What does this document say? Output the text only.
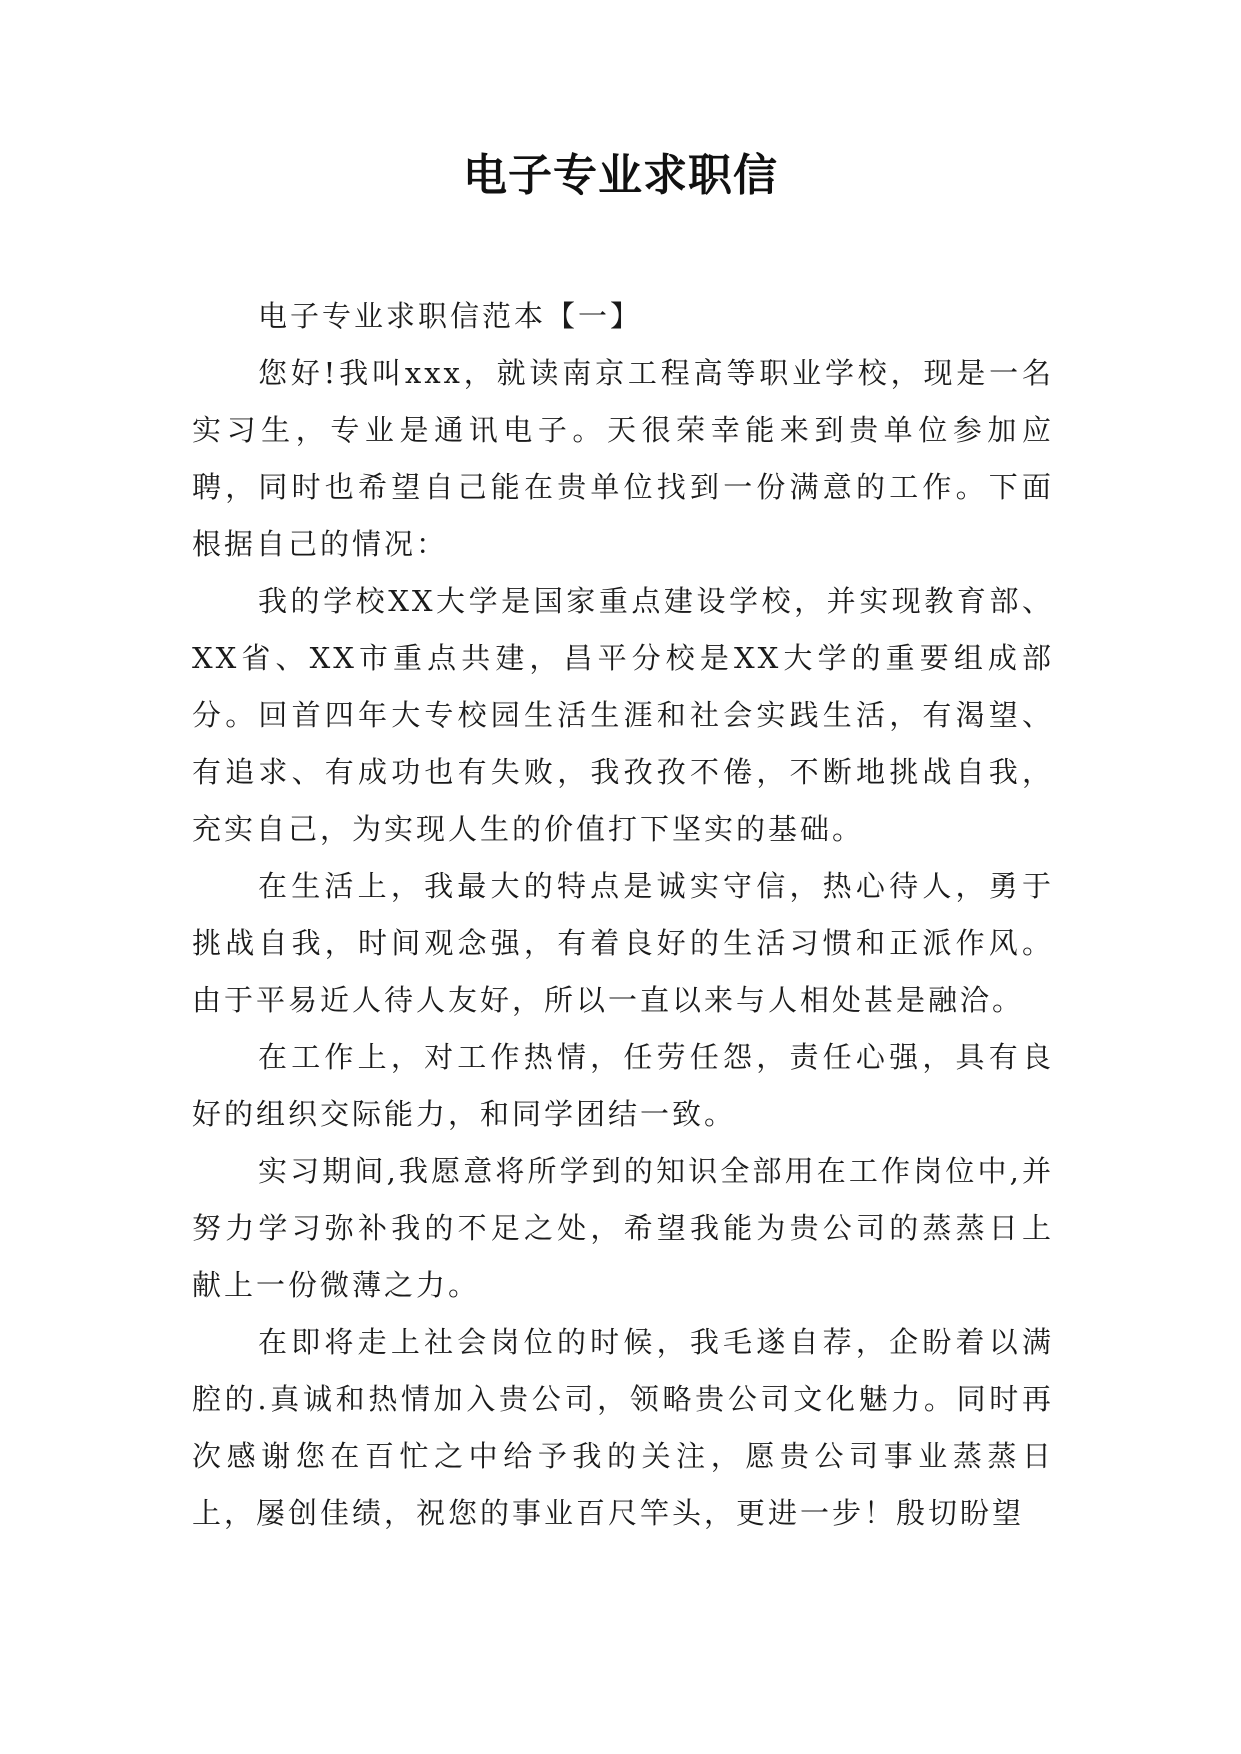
电子专业求职信

电子专业求职信范本【一】

您好!我叫xxx，就读南京工程高等职业学校，现是一名实习生，专业是通讯电子。天很荣幸能来到贵单位参加应聘，同时也希望自己能在贵单位找到一份满意的工作。下面根据自己的情况：

我的学校XX大学是国家重点建设学校，并实现教育部、XX省、XX市重点共建，昌平分校是XX大学的重要组成部分。回首四年大专校园生活生涯和社会实践生活，有渴望、有追求、有成功也有失败，我孜孜不倦，不断地挑战自我，充实自己，为实现人生的价值打下坚实的基础。

在生活上，我最大的特点是诚实守信，热心待人，勇于挑战自我，时间观念强，有着良好的生活习惯和正派作风。由于平易近人待人友好，所以一直以来与人相处甚是融洽。

在工作上，对工作热情，任劳任怨，责任心强，具有良好的组织交际能力，和同学团结一致。

实习期间,我愿意将所学到的知识全部用在工作岗位中,并努力学习弥补我的不足之处，希望我能为贵公司的蒸蒸日上献上一份微薄之力。

在即将走上社会岗位的时候，我毛遂自荐，企盼着以满腔的.真诚和热情加入贵公司，领略贵公司文化魅力。同时再次感谢您在百忙之中给予我的关注，愿贵公司事业蒸蒸日上，屡创佳绩，祝您的事业百尺竿头，更进一步！殷切盼望
